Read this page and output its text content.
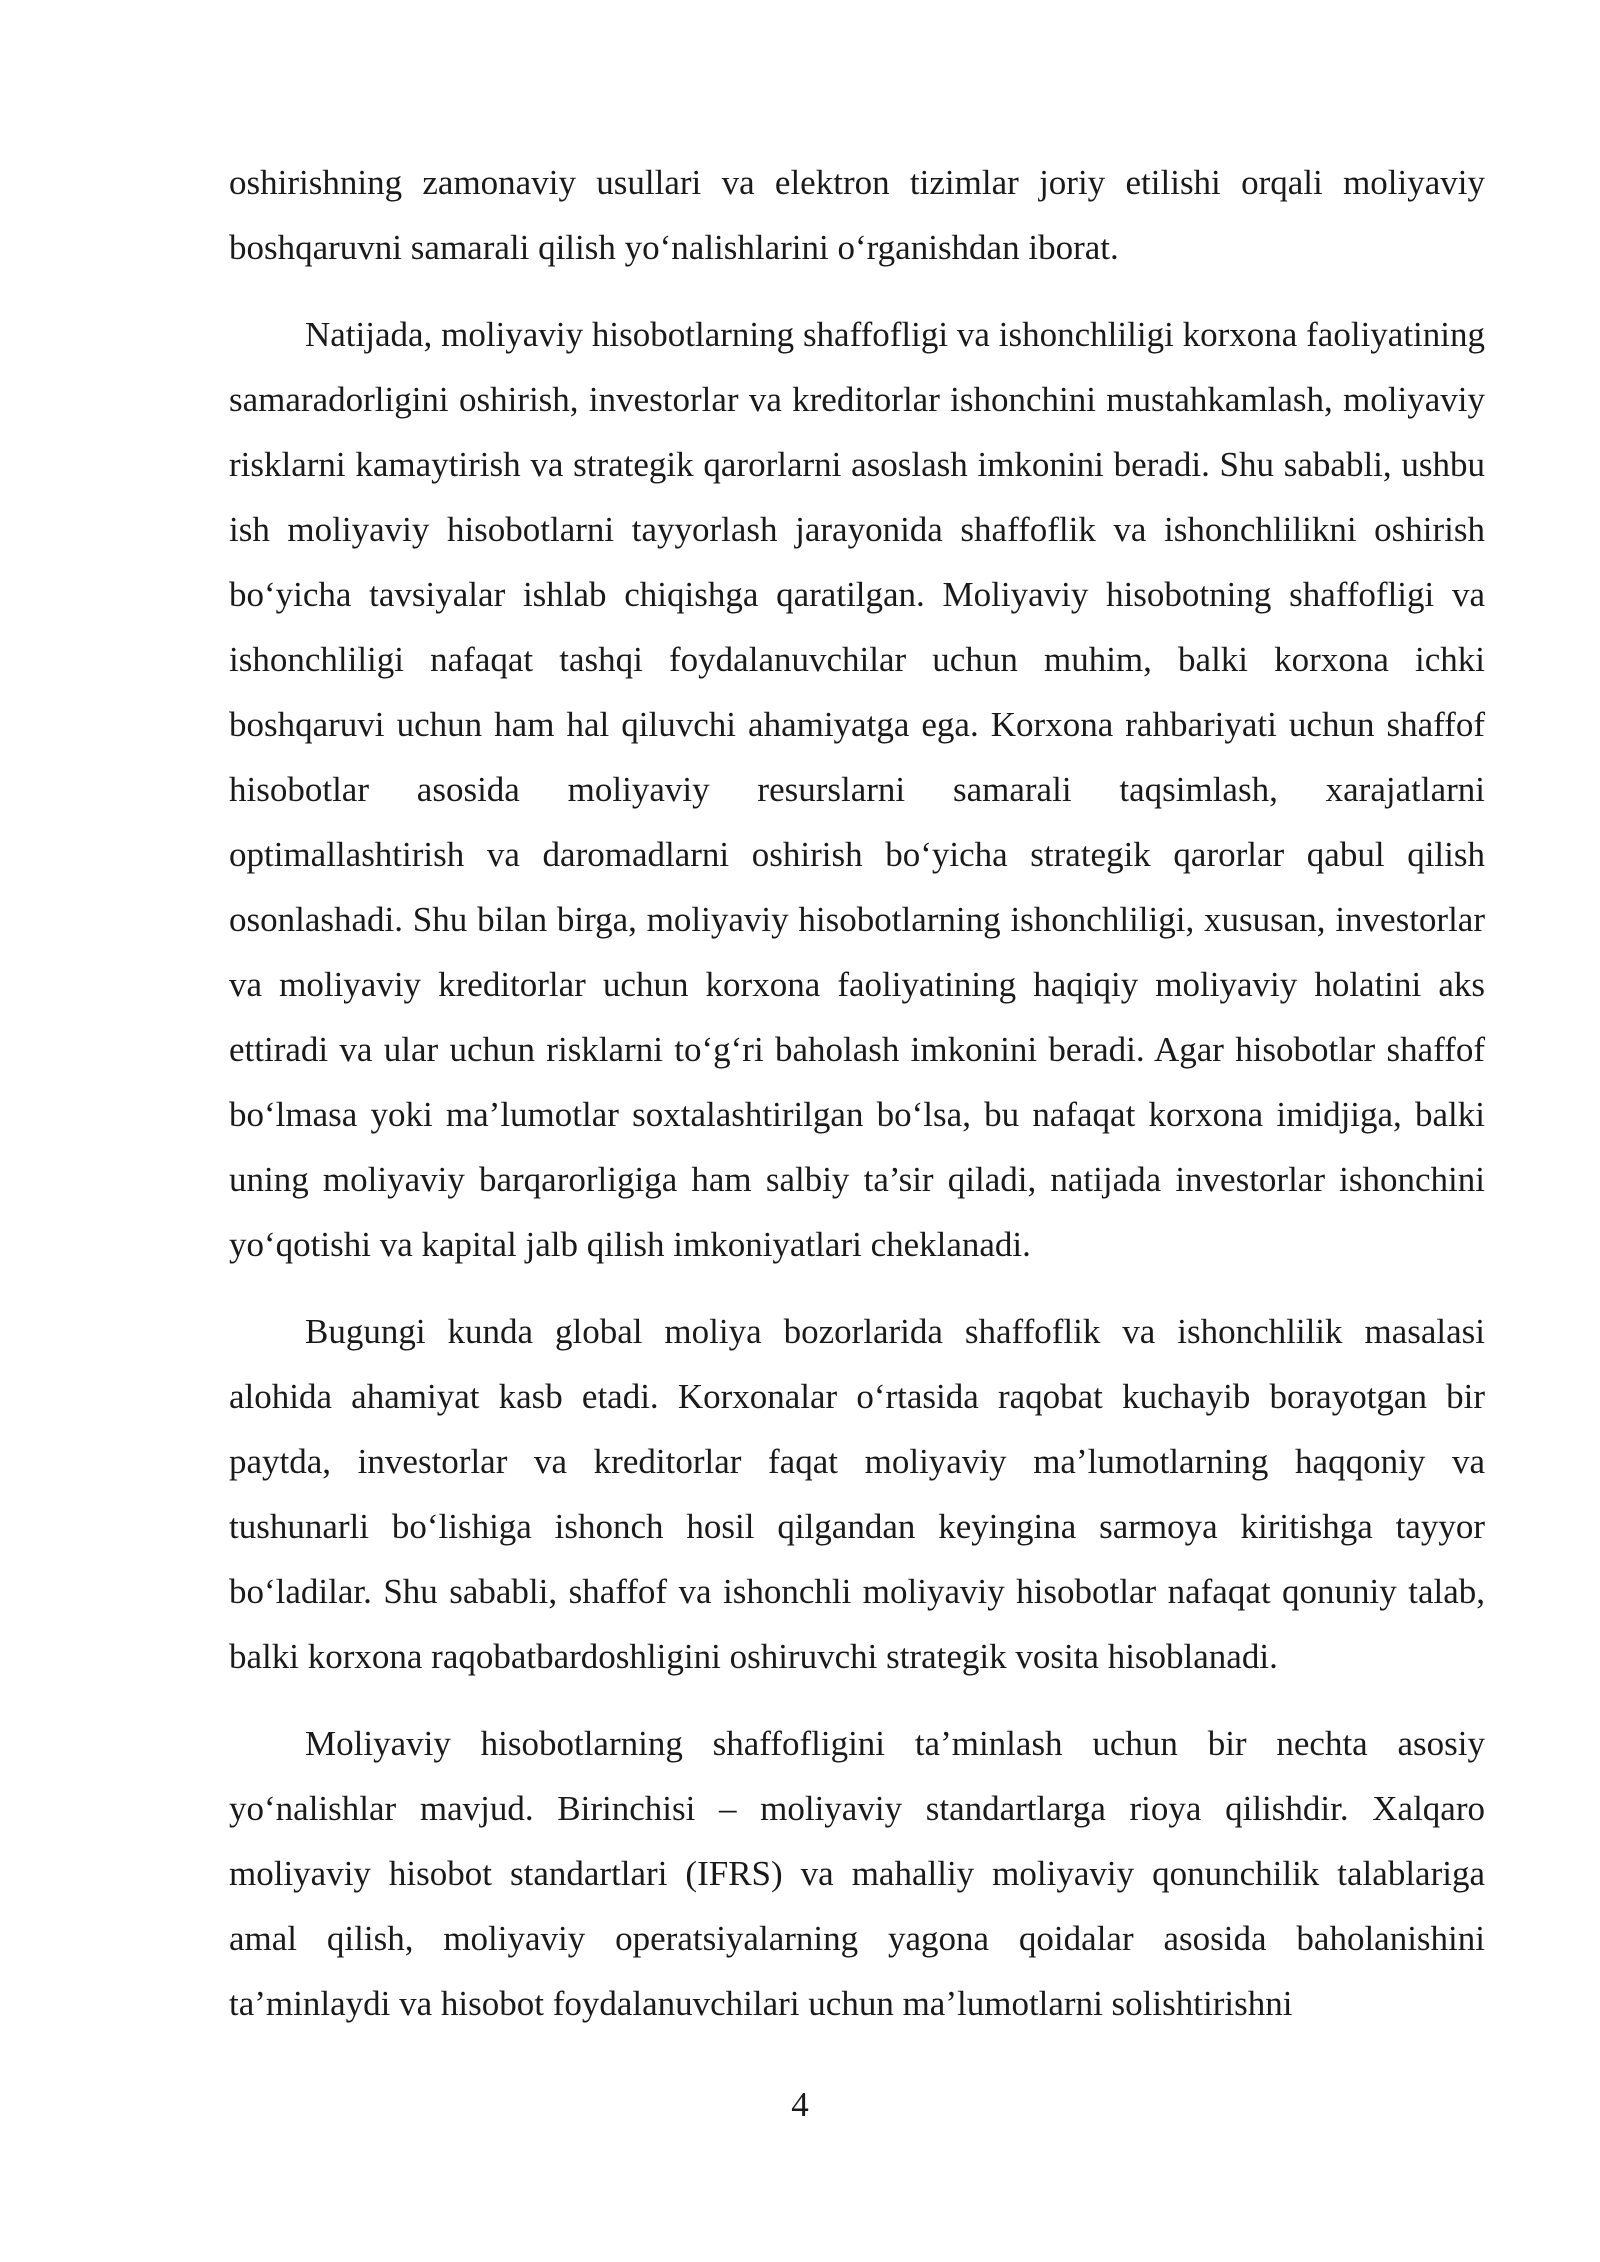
oshirishning zamonaviy usullari va elektron tizimlar joriy etilishi orqali moliyaviy boshqaruvni samarali qilish yo‘nalishlarini o‘rganishdan iborat.

Natijada, moliyaviy hisobotlarning shaffofligi va ishonchliligi korxona faoliyatining samaradorligini oshirish, investorlar va kreditorlar ishonchini mustahkamlash, moliyaviy risklarni kamaytirish va strategik qarorlarni asoslash imkonini beradi. Shu sababli, ushbu ish moliyaviy hisobotlarni tayyorlash jarayonida shaffoflik va ishonchlilikni oshirish bo‘yicha tavsiyalar ishlab chiqishga qaratilgan. Moliyaviy hisobotning shaffofligi va ishonchliligi nafaqat tashqi foydalanuvchilar uchun muhim, balki korxona ichki boshqaruvi uchun ham hal qiluvchi ahamiyatga ega. Korxona rahbariyati uchun shaffof hisobotlar asosida moliyaviy resurslarni samarali taqsimlash, xarajatlarni optimallashtirish va daromadlarni oshirish bo‘yicha strategik qarorlar qabul qilish osonlashadi. Shu bilan birga, moliyaviy hisobotlarning ishonchliligi, xususan, investorlar va moliyaviy kreditorlar uchun korxona faoliyatining haqiqiy moliyaviy holatini aks ettiradi va ular uchun risklarni to‘g‘ri baholash imkonini beradi. Agar hisobotlar shaffof bo‘lmasa yoki ma’lumotlar soxtalashtirilgan bo‘lsa, bu nafaqat korxona imidjiga, balki uning moliyaviy barqarorligiga ham salbiy ta’sir qiladi, natijada investorlar ishonchini yo‘qotishi va kapital jalb qilish imkoniyatlari cheklanadi.

Bugungi kunda global moliya bozorlarida shaffoflik va ishonchlilik masalasi alohida ahamiyat kasb etadi. Korxonalar o‘rtasida raqobat kuchayib borayotgan bir paytda, investorlar va kreditorlar faqat moliyaviy ma’lumotlarning haqqoniy va tushunarli bo‘lishiga ishonch hosil qilgandan keyingina sarmoya kiritishga tayyor bo‘ladilar. Shu sababli, shaffof va ishonchli moliyaviy hisobotlar nafaqat qonuniy talab, balki korxona raqobatbardoshligini oshiruvchi strategik vosita hisoblanadi.

Moliyaviy hisobotlarning shaffofligini ta’minlash uchun bir nechta asosiy yo‘nalishlar mavjud. Birinchisi – moliyaviy standartlarga rioya qilishdir. Xalqaro moliyaviy hisobot standartlari (IFRS) va mahalliy moliyaviy qonunchilik talablariga amal qilish, moliyaviy operatsiyalarning yagona qoidalar asosida baholanishini ta’minlaydi va hisobot foydalanuvchilari uchun ma’lumotlarni solishtirishni

4
